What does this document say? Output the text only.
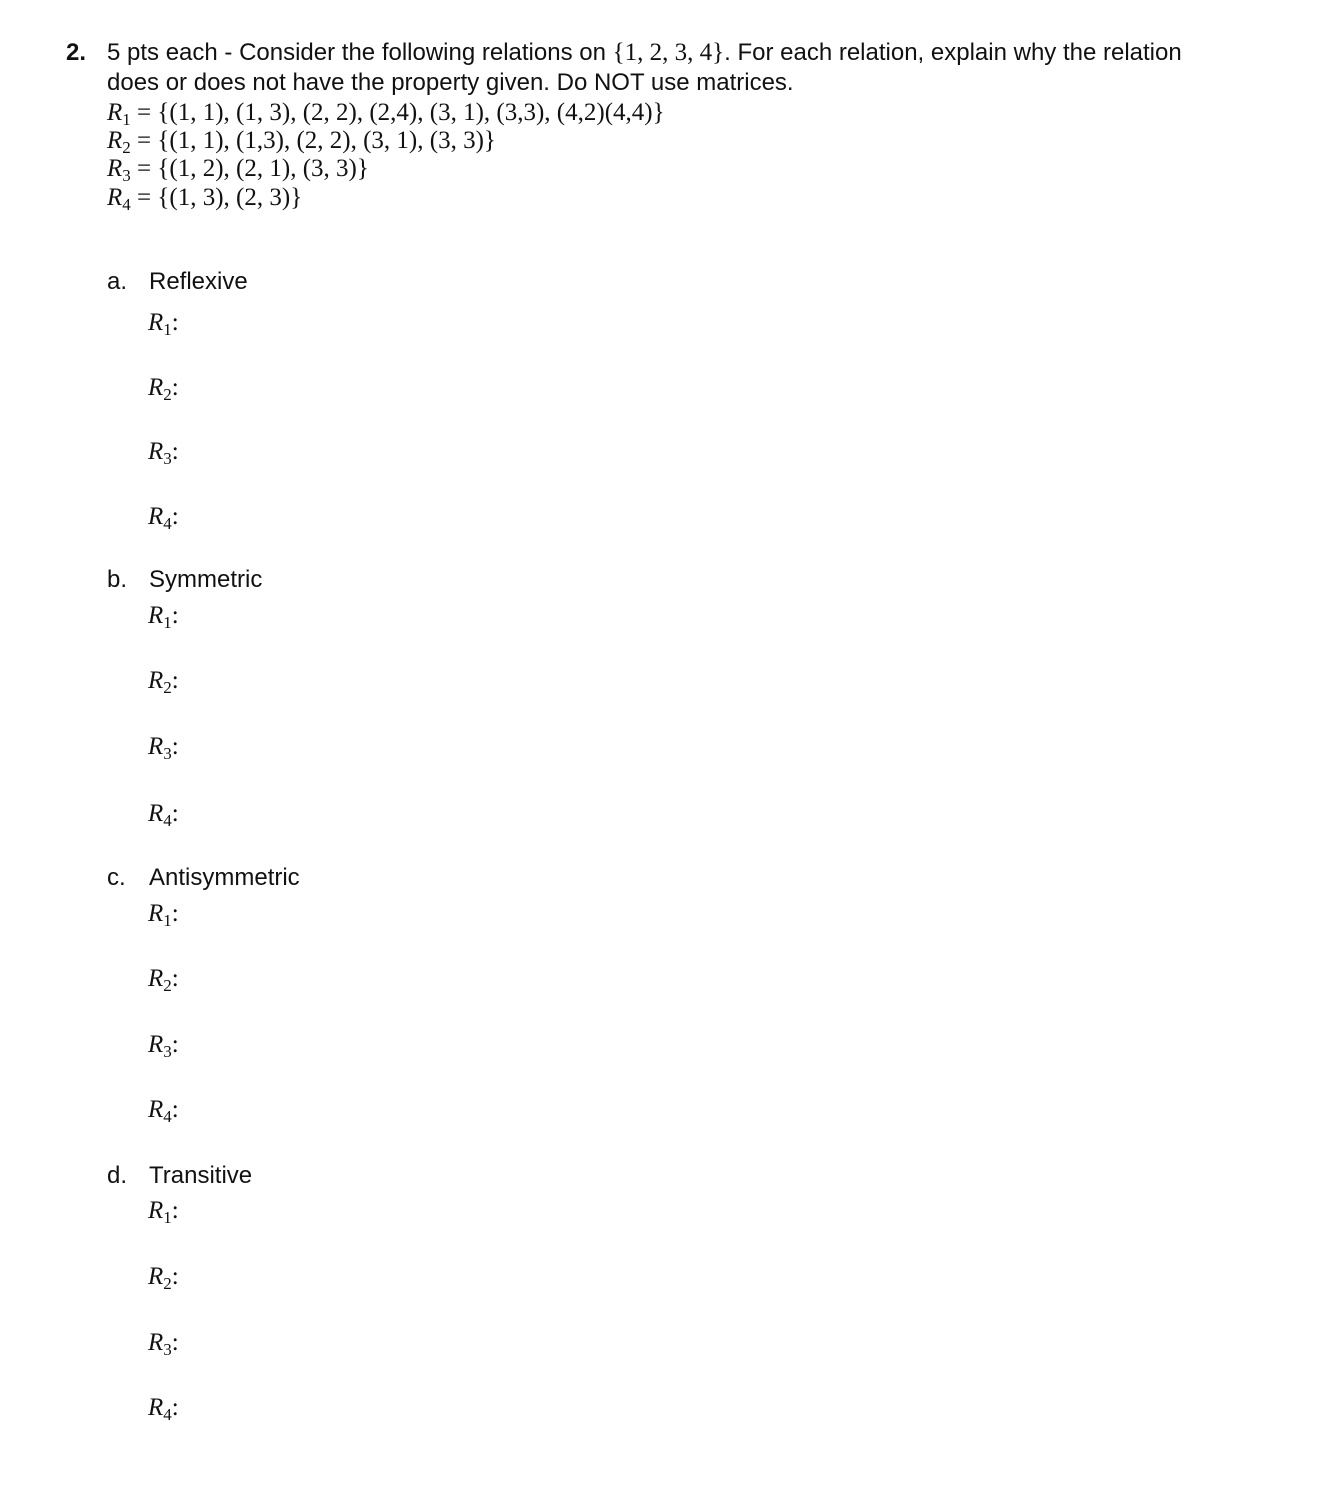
2. 5 pts each - Consider the following relations on {1, 2, 3, 4}. For each relation, explain why the relation
does or does not have the property given. Do NOT use matrices.
$R_1 = \{(1$, 1), (1, 3), (2, 2), (2,4), (3, 1), (3,3), (4,2)(4,4)}
$R_2 = \{(1$, 1), (1,3), (2, 2), (3, 1), (3, 3)}
$R_3 = \{(1$, 2), (2, 1), (3, 3)}
$R_4 = \{(1$, 3), (2, 3)}
a. Reflexive
$R_1$:
$R_2$:
$R_3$:
$R_4$:
b. Symmetric
$R_1$:
$R_2$:
$R_3$:
$R_4$:
c. Antisymmetric
$R_1$:
$R_2$:
$R_3$:
$R_4$:
d. Transitive
$R_1$:
$R_2$:
$R_3$:
$R_4$:
